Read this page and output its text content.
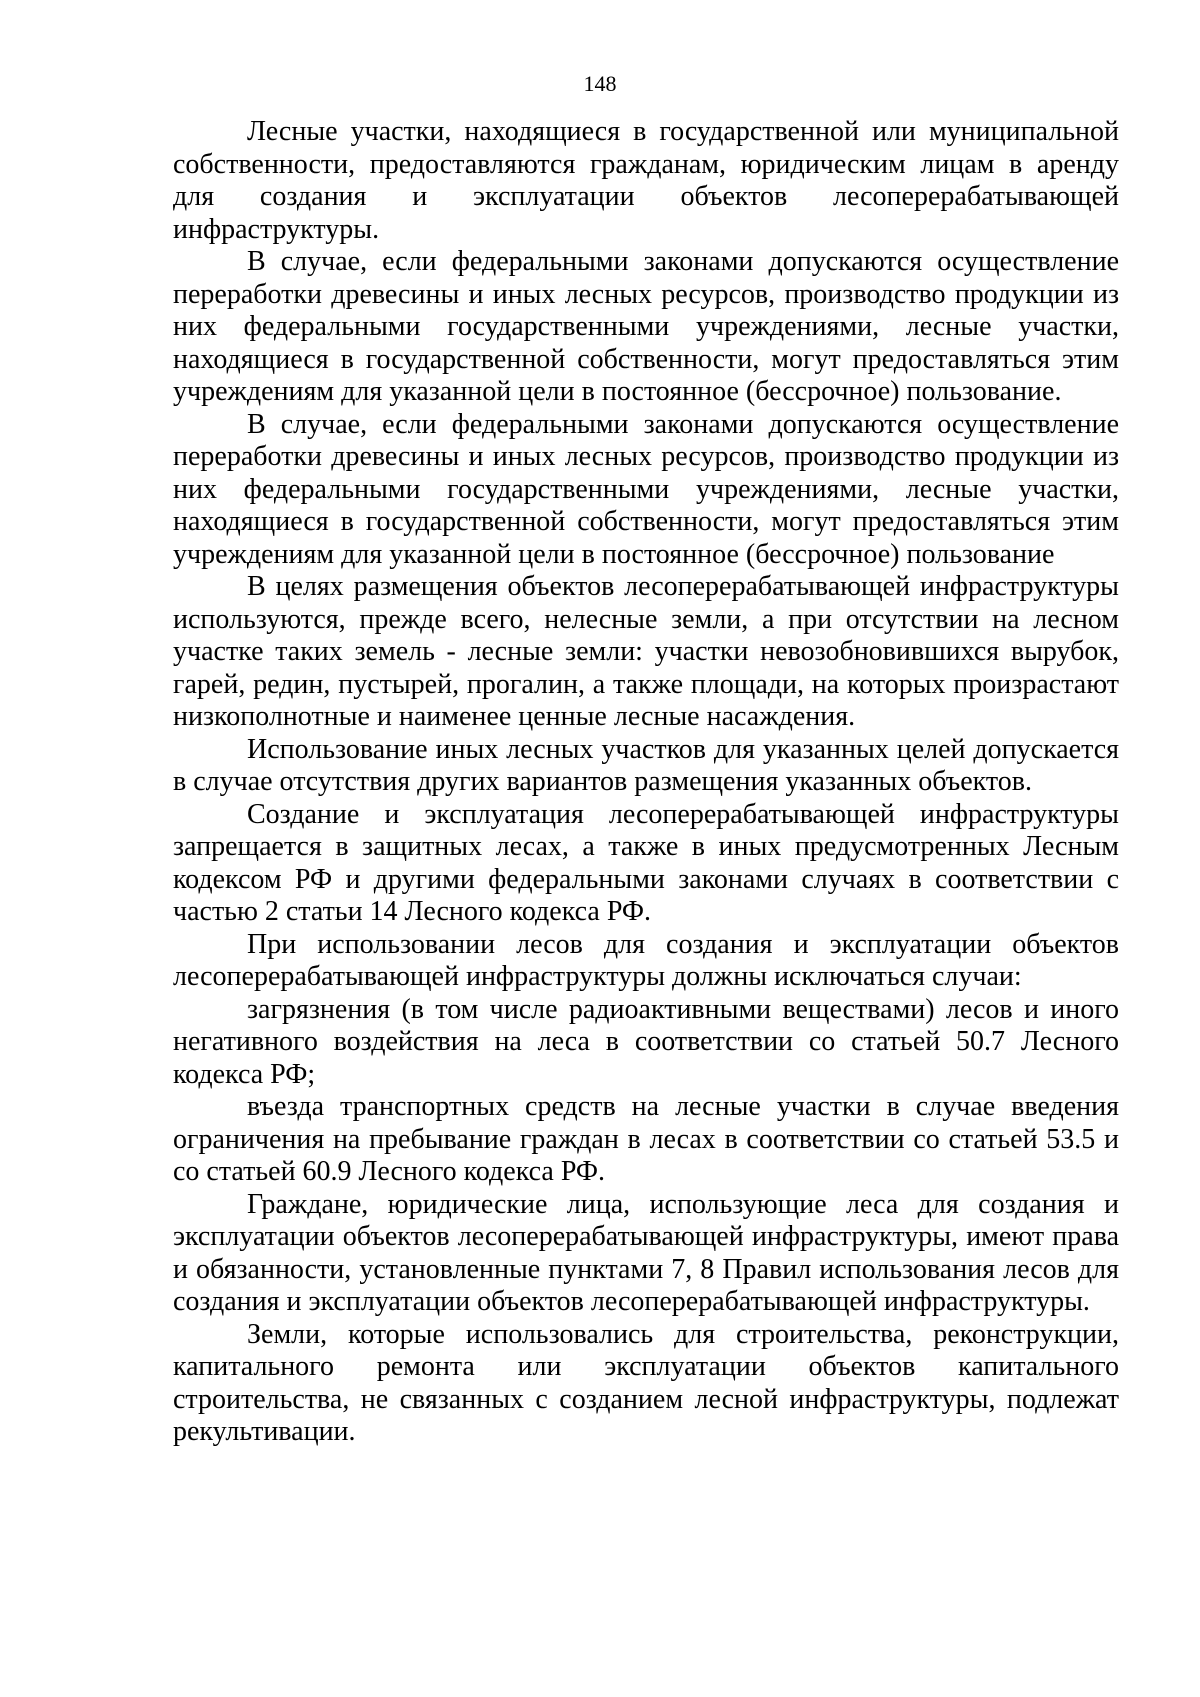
148

Лесные участки, находящиеся в государственной или муниципальной собственности, предоставляются гражданам, юридическим лицам в аренду для создания и эксплуатации объектов лесоперерабатывающей инфраструктуры.

В случае, если федеральными законами допускаются осуществление переработки древесины и иных лесных ресурсов, производство продукции из них федеральными государственными учреждениями, лесные участки, находящиеся в государственной собственности, могут предоставляться этим учреждениям для указанной цели в постоянное (бессрочное) пользование.

В случае, если федеральными законами допускаются осуществление переработки древесины и иных лесных ресурсов, производство продукции из них федеральными государственными учреждениями, лесные участки, находящиеся в государственной собственности, могут предоставляться этим учреждениям для указанной цели в постоянное (бессрочное) пользование

В целях размещения объектов лесоперерабатывающей инфраструктуры используются, прежде всего, нелесные земли, а при отсутствии на лесном участке таких земель - лесные земли: участки невозобновившихся вырубок, гарей, редин, пустырей, прогалин, а также площади, на которых произрастают низкополнотные и наименее ценные лесные насаждения.

Использование иных лесных участков для указанных целей допускается в случае отсутствия других вариантов размещения указанных объектов.

Создание и эксплуатация лесоперерабатывающей инфраструктуры запрещается в защитных лесах, а также в иных предусмотренных Лесным кодексом РФ и другими федеральными законами случаях в соответствии с частью 2 статьи 14 Лесного кодекса РФ.

При использовании лесов для создания и эксплуатации объектов лесоперерабатывающей инфраструктуры должны исключаться случаи:

загрязнения (в том числе радиоактивными веществами) лесов и иного негативного воздействия на леса в соответствии со статьей 50.7 Лесного кодекса РФ;

въезда транспортных средств на лесные участки в случае введения ограничения на пребывание граждан в лесах в соответствии со статьей 53.5 и со статьей 60.9 Лесного кодекса РФ.

Граждане, юридические лица, использующие леса для создания и эксплуатации объектов лесоперерабатывающей инфраструктуры, имеют права и обязанности, установленные пунктами 7, 8 Правил использования лесов для создания и эксплуатации объектов лесоперерабатывающей инфраструктуры.

Земли, которые использовались для строительства, реконструкции, капитального ремонта или эксплуатации объектов капитального строительства, не связанных с созданием лесной инфраструктуры, подлежат рекультивации.
